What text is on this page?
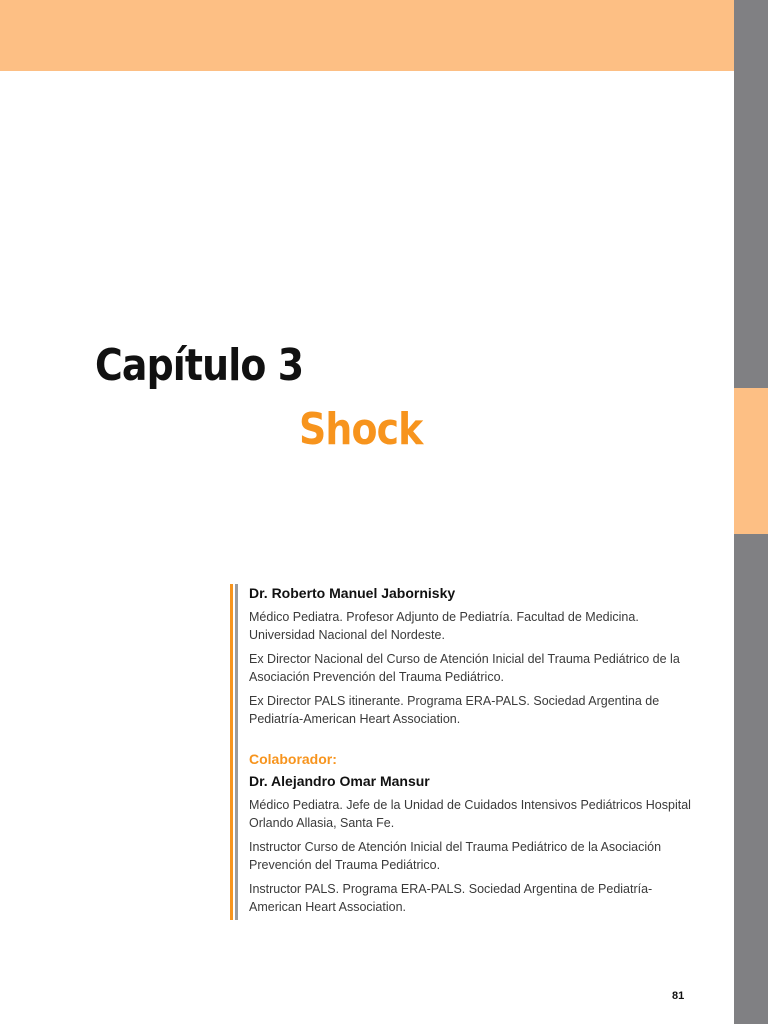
Capítulo 3
Shock

Dr. Roberto Manuel Jabornisky

Médico Pediatra. Profesor Adjunto de Pediatría. Facultad de Medicina. Universidad Nacional del Nordeste.

Ex Director Nacional del Curso de Atención Inicial del Trauma Pediátrico de la Asociación Prevención del Trauma Pediátrico.

Ex Director PALS itinerante. Programa ERA-PALS. Sociedad Argentina de Pediatría-American Heart Association.

Colaborador:

Dr. Alejandro Omar Mansur

Médico Pediatra. Jefe de la Unidad de Cuidados Intensivos Pediátricos Hospital Orlando Allasia, Santa Fe.

Instructor Curso de Atención Inicial del Trauma Pediátrico de la Asociación Prevención del Trauma Pediátrico.

Instructor PALS. Programa ERA-PALS. Sociedad Argentina de Pediatría-American Heart Association.

81
